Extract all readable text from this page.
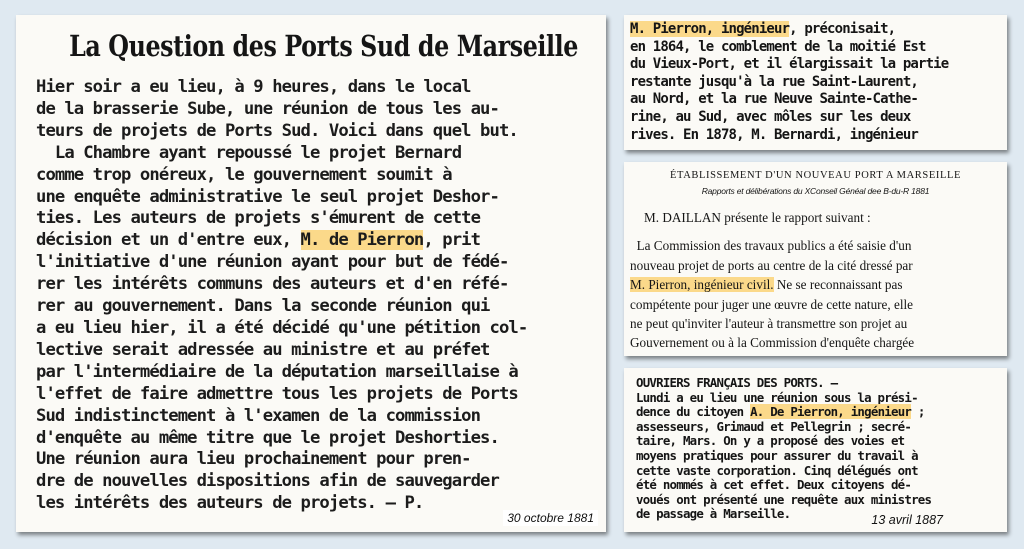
La Question des Ports Sud de Marseille
Hier soir a eu lieu, à 9 heures, dans le local
de la brasserie Sube, une réunion de tous les au-
teurs de projets de Ports Sud. Voici dans quel but.
La Chambre ayant repoussé le projet Bernard
comme trop onéreux, le gouvernement soumit à
une enquête administrative le seul projet Deshor-
ties. Les auteurs de projets s'émurent de cette
décision et un d'entre eux, M. de Pierron, prit
l'initiative d'une réunion ayant pour but de fédé-
rer les intérêts communs des auteurs et d'en réfé-
rer au gouvernement. Dans la seconde réunion qui
a eu lieu hier, il a été décidé qu'une pétition col-
lective serait adressée au ministre et au préfet
par l'intermédiaire de la députation marseillaise à
l'effet de faire admettre tous les projets de Ports
Sud indistinctement à l'examen de la commission
d'enquête au même titre que le projet Deshorties.
Une réunion aura lieu prochainement pour pren-
dre de nouvelles dispositions afin de sauvegarder
les intérêts des auteurs de projets. — P.
30 octobre 1881
M. Pierron, ingénieur, préconisait,
en 1864, le comblement de la moitié Est
du Vieux-Port, et il élargissait la partie
restante jusqu'à la rue Saint-Laurent,
au Nord, et la rue Neuve Sainte-Cathe-
rine, au Sud, avec môles sur les deux
rives. En 1878, M. Bernardi, ingénieur
ÉTABLISSEMENT D'UN NOUVEAU PORT A MARSEILLE
Rapports et délibérations du XConseil Généal dee B-du-R 1881
M. DAILLAN présente le rapport suivant :
La Commission des travaux publics a été saisie d'un
nouveau projet de ports au centre de la cité dressé par
M. Pierron, ingénieur civil. Ne se reconnaissant pas
compétente pour juger une œuvre de cette nature, elle
ne peut qu'inviter l'auteur à transmettre son projet au
Gouvernement ou à la Commission d'enquête chargée
OUVRIERS FRANÇAIS DES PORTS. —
Lundi a eu lieu une réunion sous la prési-
dence du citoyen A. De Pierron, ingénieur ;
assesseurs, Grimaud et Pellegrin ; secré-
taire, Mars. On y a proposé des voies et
moyens pratiques pour assurer du travail à
cette vaste corporation. Cinq délégués ont
été nommés à cet effet. Deux citoyens dé-
voués ont présenté une requête aux ministres
de passage à Marseille.	13 avril 1887
